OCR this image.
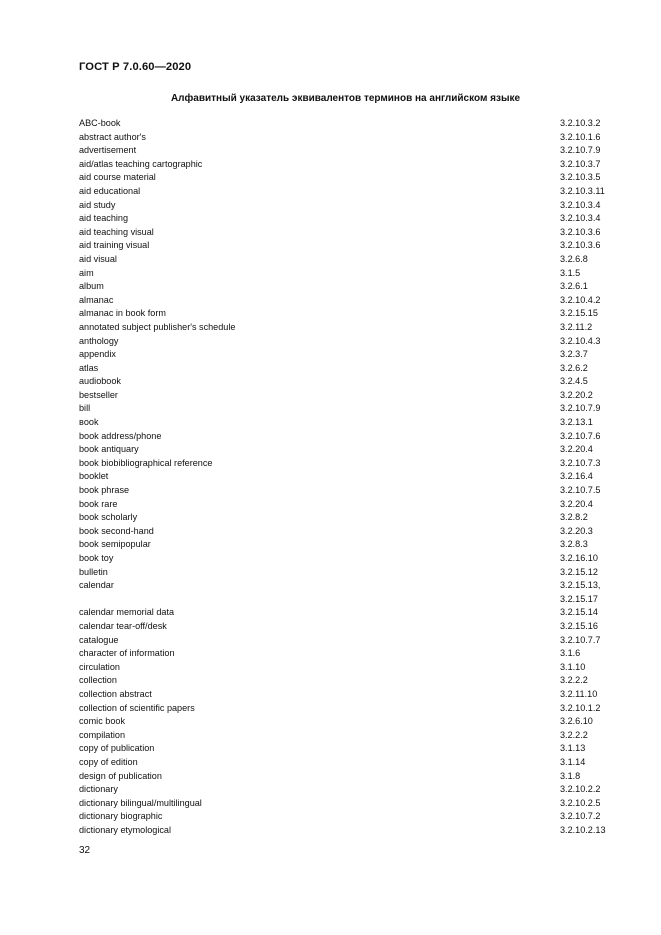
ГОСТ Р 7.0.60—2020
Алфавитный указатель эквивалентов терминов на английском языке
ABC-book	3.2.10.3.2
abstract author's	3.2.10.1.6
advertisement	3.2.10.7.9
aid/atlas teaching cartographic	3.2.10.3.7
aid course material	3.2.10.3.5
aid educational	3.2.10.3.11
aid study	3.2.10.3.4
aid teaching	3.2.10.3.4
aid teaching visual	3.2.10.3.6
aid training visual	3.2.10.3.6
aid visual	3.2.6.8
aim	3.1.5
album	3.2.6.1
almanac	3.2.10.4.2
almanac in book form	3.2.15.15
annotated subject publisher's schedule	3.2.11.2
anthology	3.2.10.4.3
appendix	3.2.3.7
atlas	3.2.6.2
audiobook	3.2.4.5
bestseller	3.2.20.2
bill	3.2.10.7.9
вook	3.2.13.1
book address/phone	3.2.10.7.6
book antiquary	3.2.20.4
book biobibliographical reference	3.2.10.7.3
booklet	3.2.16.4
book phrase	3.2.10.7.5
book rare	3.2.20.4
book scholarly	3.2.8.2
book second-hand	3.2.20.3
book semipopular	3.2.8.3
book toy	3.2.16.10
bulletin	3.2.15.12
calendar	3.2.15.13,
3.2.15.17
calendar memorial data	3.2.15.14
calendar tear-off/desk	3.2.15.16
catalogue	3.2.10.7.7
character of information	3.1.6
circulation	3.1.10
collection	3.2.2.2
collection abstract	3.2.11.10
collection of scientific papers	3.2.10.1.2
comic book	3.2.6.10
compilation	3.2.2.2
copy of publication	3.1.13
copy of edition	3.1.14
design of publication	3.1.8
dictionary	3.2.10.2.2
dictionary bilingual/multilingual	3.2.10.2.5
dictionary biographic	3.2.10.7.2
dictionary etymological	3.2.10.2.13
32
